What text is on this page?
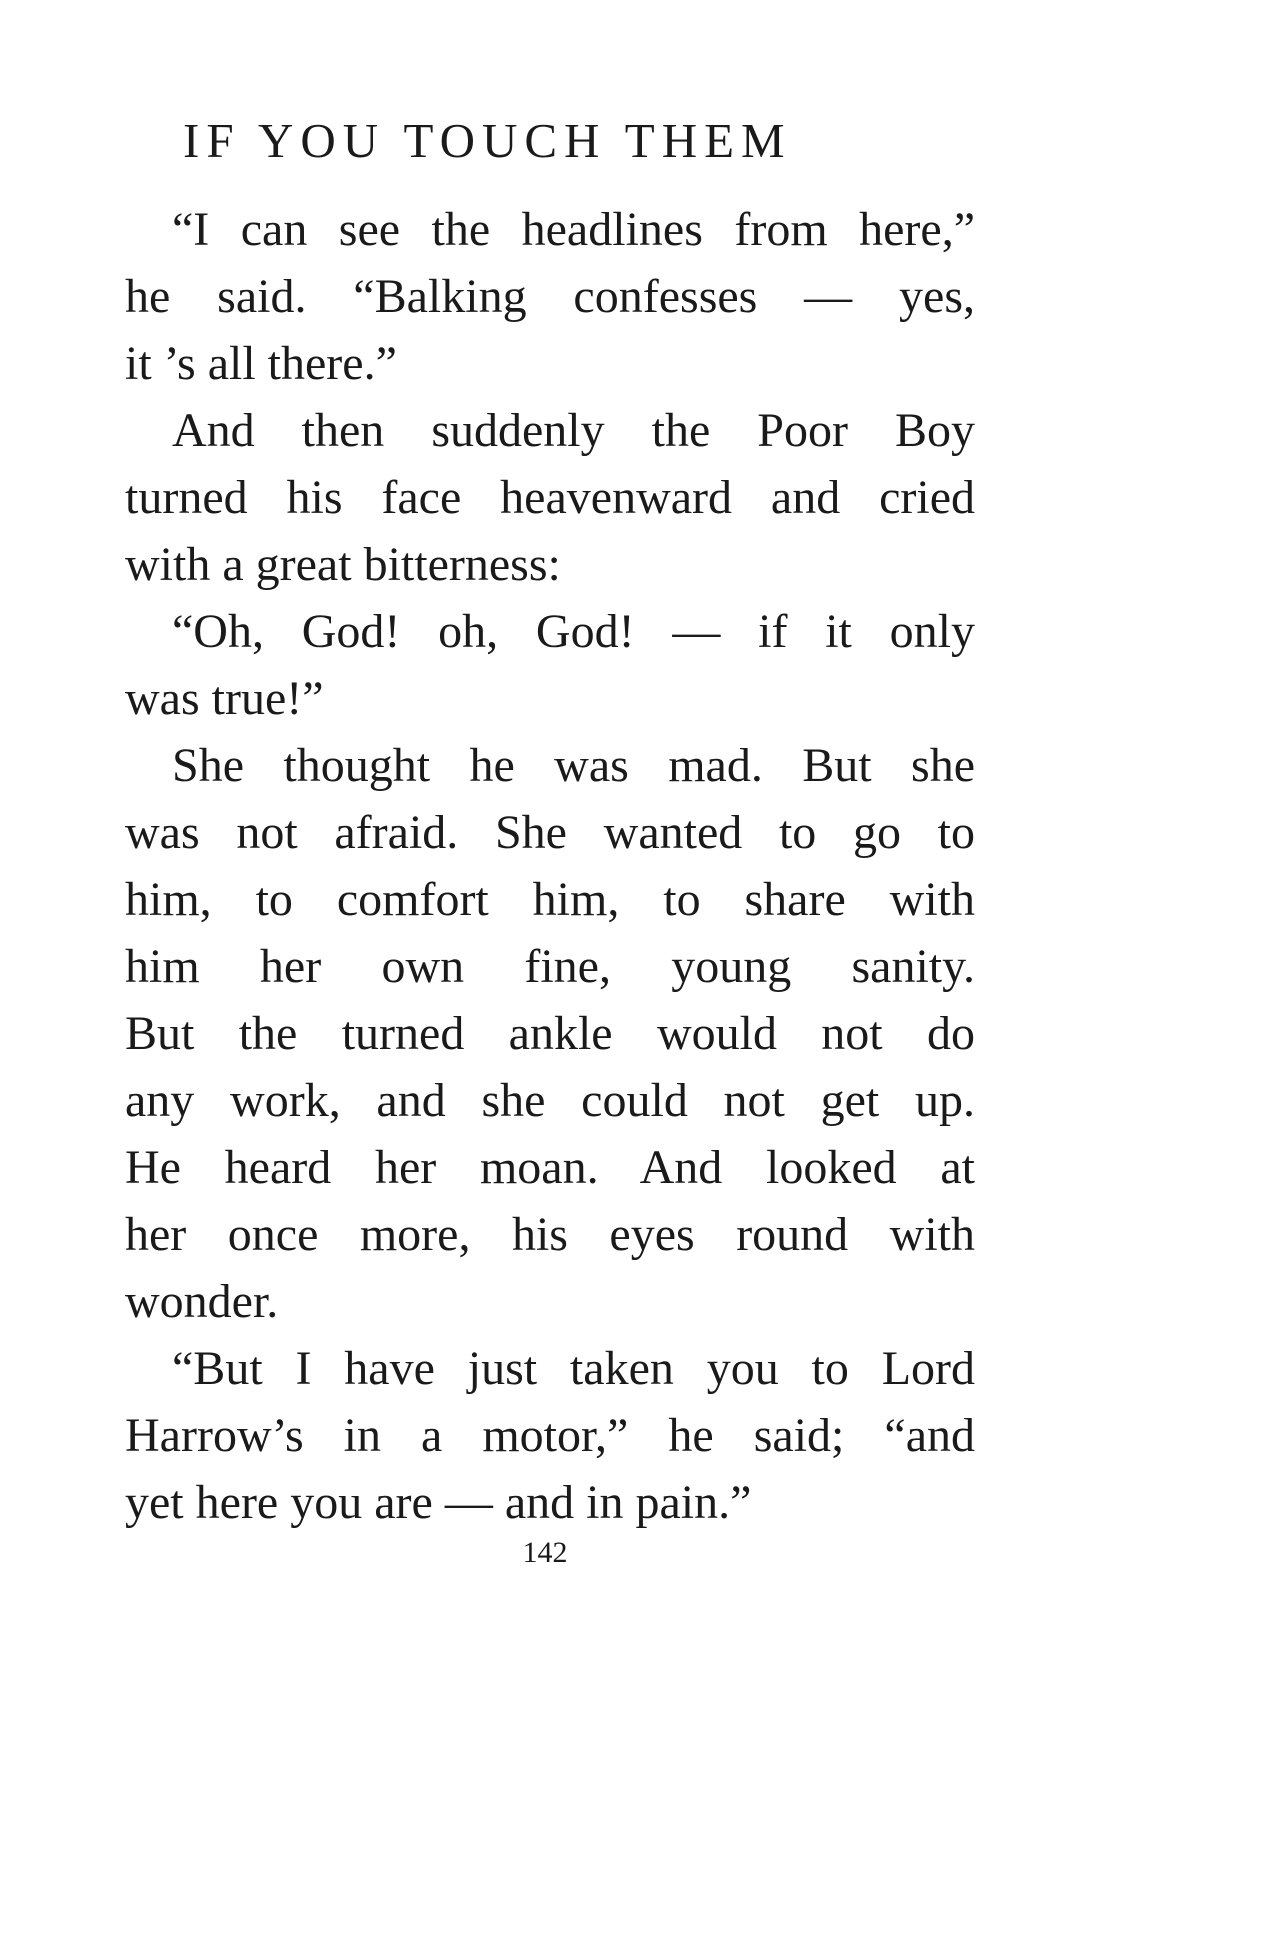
IF YOU TOUCH THEM
“I can see the headlines from here,”
he said. “Balking confesses — yes,
it ’s all there.”
And then suddenly the Poor Boy
turned his face heavenward and cried
with a great bitterness:
“Oh, God! oh, God! — if it only
was true!”
She thought he was mad. But she
was not afraid. She wanted to go to
him, to comfort him, to share with
him her own fine, young sanity.
But the turned ankle would not do
any work, and she could not get up.
He heard her moan. And looked at
her once more, his eyes round with
wonder.
“But I have just taken you to Lord
Harrow’s in a motor,” he said; “and
yet here you are — and in pain.”
142
